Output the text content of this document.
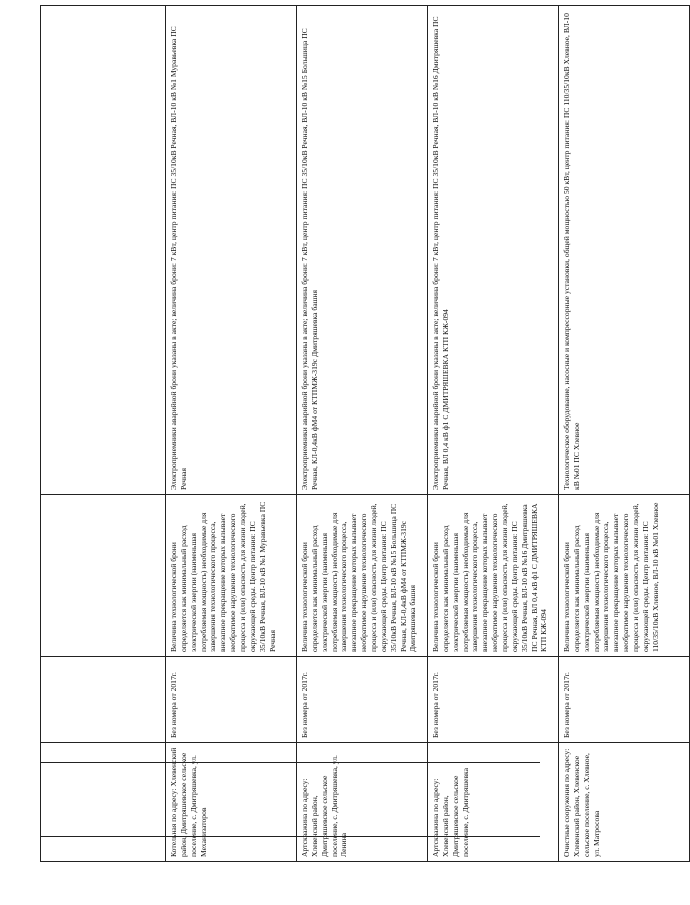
Котельная по адресу: Хлевенский район, Дмитряшевское сельское поселение, с. Дмитряшевка, ул. Механизаторов	Без номера от 2017г.	Величина технологической брони определяется как минимальный расход электрической энергии (наименьшая потребляемая мощность) необходимые для завершения технологического процесса, внезапное прекращение которых вызывает необратимое нарушение технологического процесса и (или) опасность для жизни людей, окружающей среды. Центр питания: ПС 35/10кВ Речная, ВЛ-10 кВ №1 Муравьевка ПС Речная	Электроприемники аварийной брони указаны в акте; величина брони: 7 кВт, центр питания: ПС 35/10кВ Речная, ВЛ-10 кВ №1 Муравьевка ПС Речная
Артскважина по адресу: Хлевенский район, Дмитряшевское сельское поселение, с. Дмитряшевка, ул. Ленина	Без номера от 2017г.	Величина технологической брони определяется как минимальный расход электрической энергии (наименьшая потребляемая мощность) необходимые для завершения технологического процесса, внезапное прекращение которых вызывает необратимое нарушение технологического процесса и (или) опасность для жизни людей, окружающей среды. Центр питания: ПС 35/10кВ Речная, ВЛ-10 кВ №15 Большица ПС Речная, КЛ-0,4кВ фМ4 от КТПМЖ-319с Дмитряшевка башня	Электроприемники аварийной брони указаны в акте; величина брони: 7 кВт, центр питания: ПС 35/10кВ Речная, ВЛ-10 кВ №15 Большица ПС Речная, КЛ-0,4кВ фМ4 от КТПМЖ-319с Дмитряшевка башня
Артскважина по адресу: Хлевенский район, Дмитряшевское сельское поселение, с. Дмитряшевка	Без номера от 2017г.	Величина технологической брони определяется как минимальный расход электрической энергии (наименьшая потребляемая мощность) необходимые для завершения технологического процесса, внезапное прекращение которых вызывает необратимое нарушение технологического процесса и (или) опасность для жизни людей, окружающей среды. Центр питания: ПС 35/10кВ Речная, ВЛ-10 кВ №16 Дмитряшевка ПС Речная, ВЛ 0,4 кВ ф1 С ДМИТРЯШЕВКА КТП КЖ-094	Электроприемники аварийной брони указаны в акте; величина брони: 7 кВт, центр питания: ПС 35/10кВ Речная, ВЛ-10 кВ №16 Дмитряшевка ПС Речная, ВЛ 0,4 кВ ф1 С ДМИТРЯШЕВКА КТП КЖ-094
Очистные сооружения по адресу: Хлевенский район, Хлевенское сельское поселение, с. Хлевное, ул. Матросова	Без номера от 2017г.	Величина технологической брони определяется как минимальный расход электрической энергии (наименьшая потребляемая мощность) необходимые для завершения технологического процесса, внезапное прекращение которых вызывает необратимое нарушение технологического процесса и (или) опасность для жизни людей, окружающей среды. Центр питания: ПС 110/35/10кВ Хлевное, ВЛ-10 кВ №01 Хлевное	Технологическое оборудование, насосные и компрессорные установки, общей мощностью 50 кВт, центр питания: ПС 110/35/10кВ Хлевное, ВЛ-10 кВ №01 ПС Хлевное
